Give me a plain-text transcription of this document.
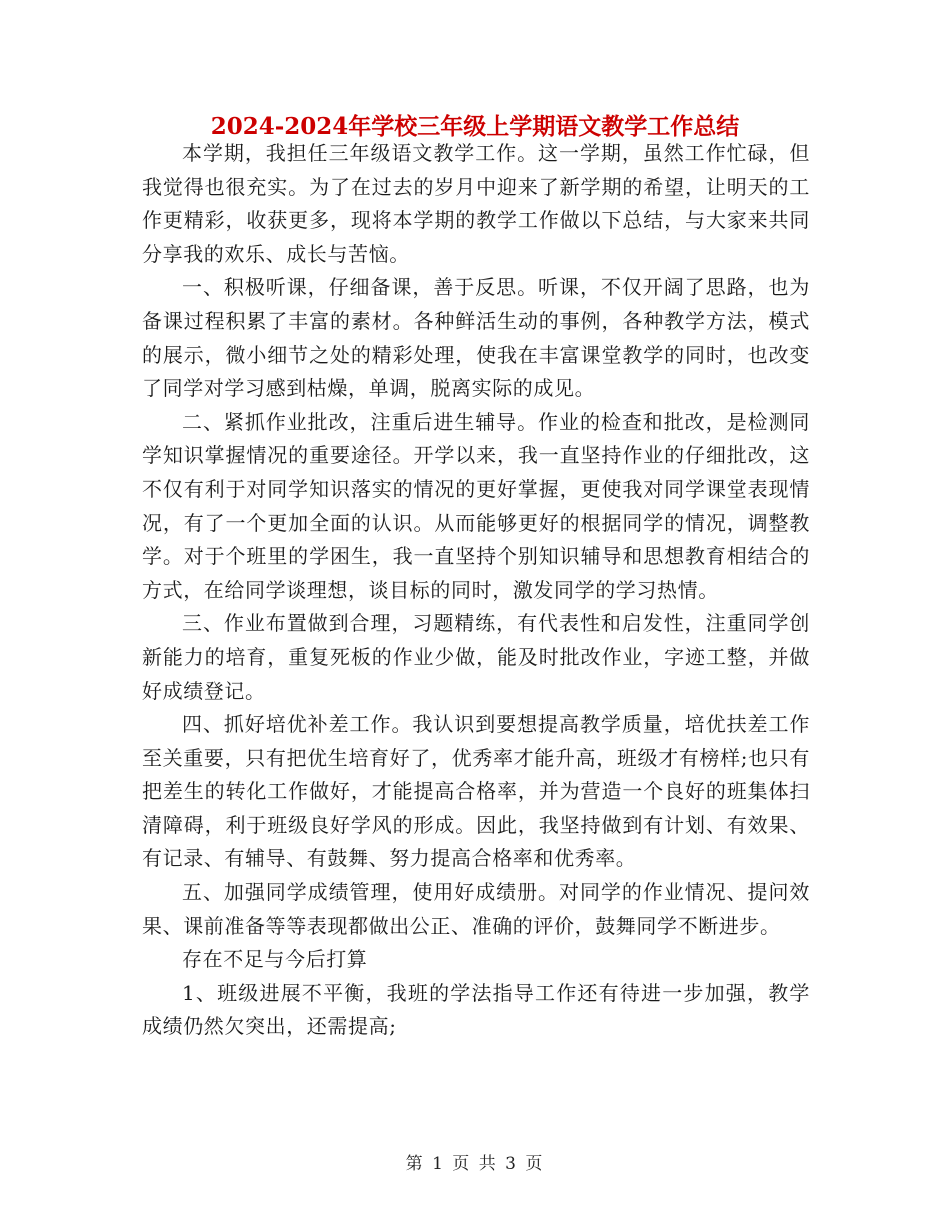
2024-2024年学校三年级上学期语文教学工作总结

本学期，我担任三年级语文教学工作。这一学期，虽然工作忙碌，但我觉得也很充实。为了在过去的岁月中迎来了新学期的希望，让明天的工作更精彩，收获更多，现将本学期的教学工作做以下总结，与大家来共同分享我的欢乐、成长与苦恼。

一、积极听课，仔细备课，善于反思。听课，不仅开阔了思路，也为备课过程积累了丰富的素材。各种鲜活生动的事例，各种教学方法，模式的展示，微小细节之处的精彩处理，使我在丰富课堂教学的同时，也改变了同学对学习感到枯燥，单调，脱离实际的成见。

二、紧抓作业批改，注重后进生辅导。作业的检查和批改，是检测同学知识掌握情况的重要途径。开学以来，我一直坚持作业的仔细批改，这不仅有利于对同学知识落实的情况的更好掌握，更使我对同学课堂表现情况，有了一个更加全面的认识。从而能够更好的根据同学的情况，调整教学。对于个班里的学困生，我一直坚持个别知识辅导和思想教育相结合的方式，在给同学谈理想，谈目标的同时，激发同学的学习热情。

三、作业布置做到合理，习题精练，有代表性和启发性，注重同学创新能力的培育，重复死板的作业少做，能及时批改作业，字迹工整，并做好成绩登记。

四、抓好培优补差工作。我认识到要想提高教学质量，培优扶差工作至关重要，只有把优生培育好了，优秀率才能升高，班级才有榜样;也只有把差生的转化工作做好，才能提高合格率，并为营造一个良好的班集体扫清障碍，利于班级良好学风的形成。因此，我坚持做到有计划、有效果、有记录、有辅导、有鼓舞、努力提高合格率和优秀率。

五、加强同学成绩管理，使用好成绩册。对同学的作业情况、提问效果、课前准备等等表现都做出公正、准确的评价，鼓舞同学不断进步。

存在不足与今后打算

1、班级进展不平衡，我班的学法指导工作还有待进一步加强，教学成绩仍然欠突出，还需提高;

第 1 页 共 3 页
